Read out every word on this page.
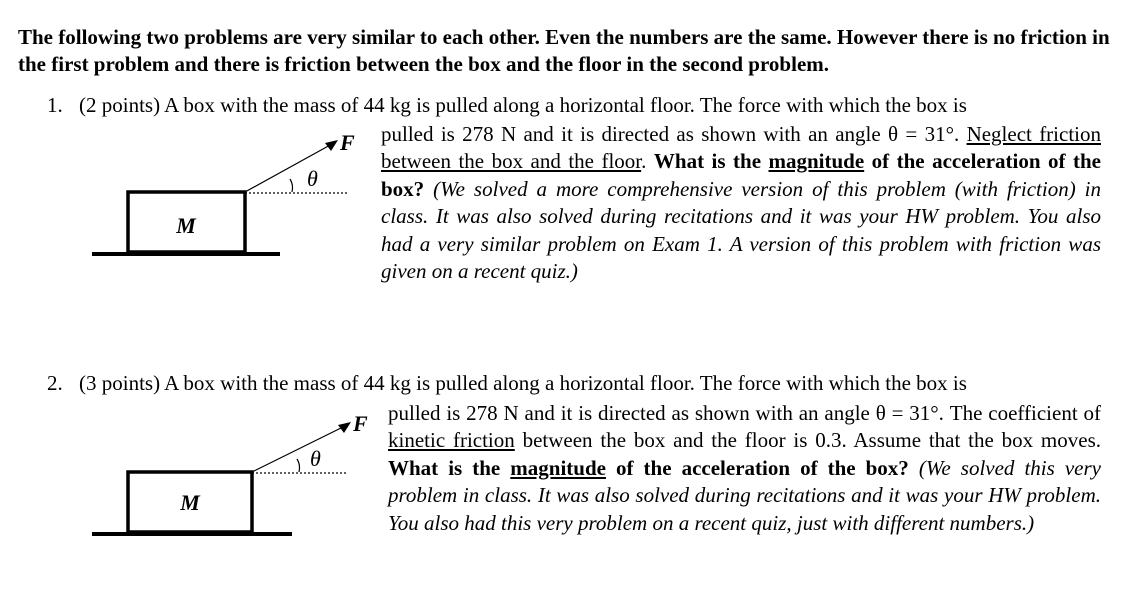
The following two problems are very similar to each other. Even the numbers are the same. However there is no friction in the first problem and there is friction between the box and the floor in the second problem.

1. (2 points) A box with the mass of 44 kg is pulled along a horizontal floor. The force with which the box is
M
F
θ

pulled is 278 N and it is directed as shown with an angle θ = 31°. Neglect friction between the box and the floor. What is the magnitude of the acceleration of the box? (We solved a more comprehensive version of this problem (with friction) in class. It was also solved during recitations and it was your HW problem. You also had a very similar problem on Exam 1. A version of this problem with friction was given on a recent quiz.)

2. (3 points) A box with the mass of 44 kg is pulled along a horizontal floor. The force with which the box is
M
F
θ

pulled is 278 N and it is directed as shown with an angle θ = 31°. The coefficient of kinetic friction between the box and the floor is 0.3. Assume that the box moves. What is the magnitude of the acceleration of the box? (We solved this very problem in class. It was also solved during recitations and it was your HW problem. You also had this very problem on a recent quiz, just with different numbers.)
